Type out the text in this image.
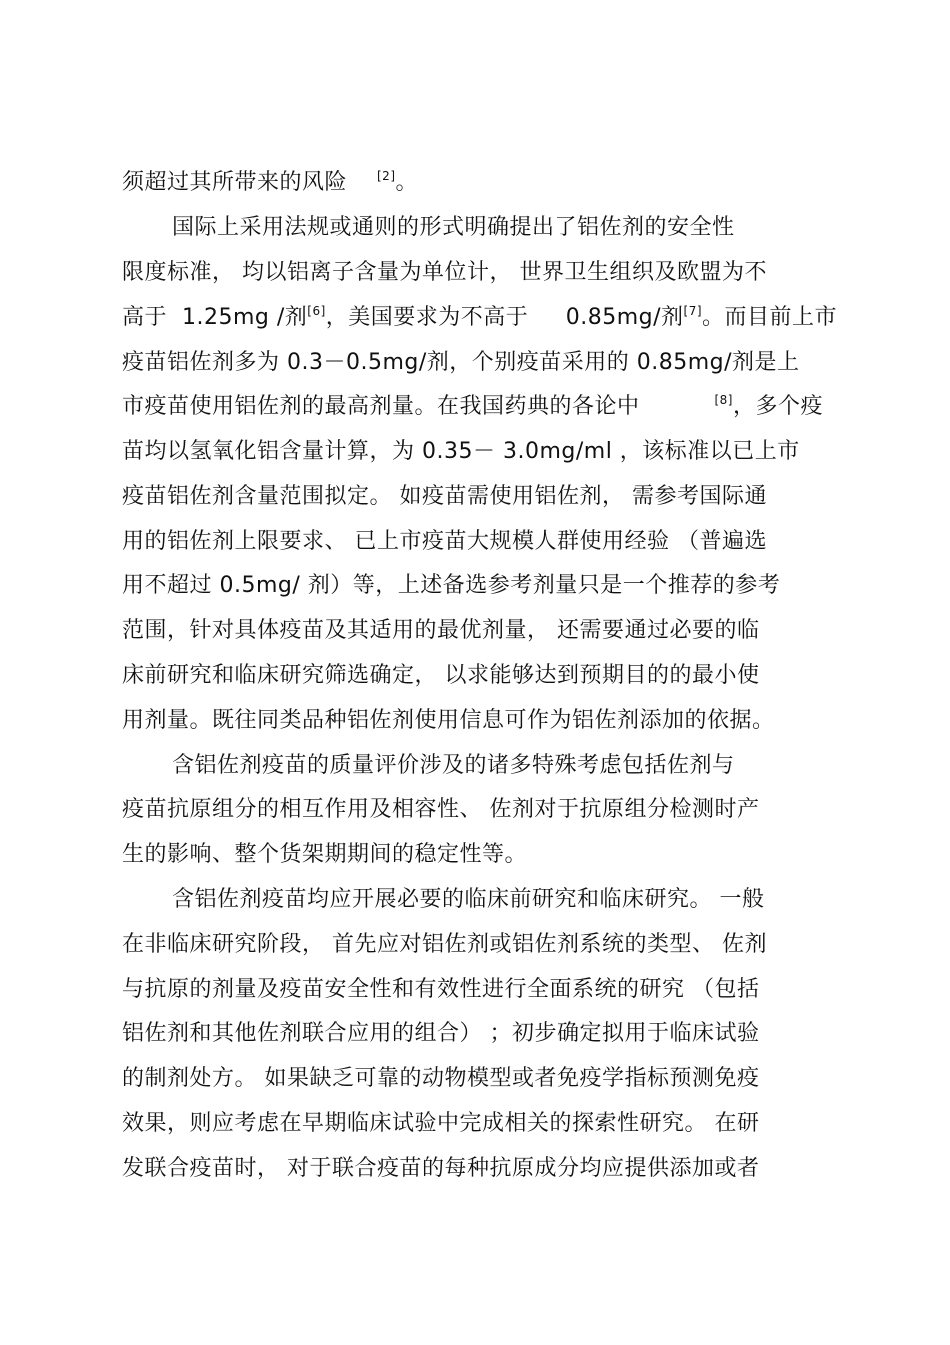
须超过其所带来的风险 [2]。
国际上采用法规或通则的形式明确提出了铝佐剂的安全性
限度标准， 均以铝离子含量为单位计， 世界卫生组织及欧盟为不
高于  1.25mg /剂[6]，美国要求为不高于     0.85mg/剂[7]。而目前上市
疫苗铝佐剂多为 0.3－0.5mg/剂，个别疫苗采用的 0.85mg/剂是上
市疫苗使用铝佐剂的最高剂量。在我国药典的各论中          [8]，多个疫
苗均以氢氧化铝含量计算，为 0.35－ 3.0mg/ml ，该标准以已上市
疫苗铝佐剂含量范围拟定。 如疫苗需使用铝佐剂， 需参考国际通
用的铝佐剂上限要求、 已上市疫苗大规模人群使用经验 （普遍选
用不超过 0.5mg/ 剂）等，上述备选参考剂量只是一个推荐的参考
范围，针对具体疫苗及其适用的最优剂量， 还需要通过必要的临
床前研究和临床研究筛选确定， 以求能够达到预期目的的最小使
用剂量。既往同类品种铝佐剂使用信息可作为铝佐剂添加的依据。
含铝佐剂疫苗的质量评价涉及的诸多特殊考虑包括佐剂与
疫苗抗原组分的相互作用及相容性、 佐剂对于抗原组分检测时产
生的影响、整个货架期期间的稳定性等。
含铝佐剂疫苗均应开展必要的临床前研究和临床研究。 一般
在非临床研究阶段， 首先应对铝佐剂或铝佐剂系统的类型、 佐剂
与抗原的剂量及疫苗安全性和有效性进行全面系统的研究 （包括
铝佐剂和其他佐剂联合应用的组合） ；初步确定拟用于临床试验
的制剂处方。 如果缺乏可靠的动物模型或者免疫学指标预测免疫
效果，则应考虑在早期临床试验中完成相关的探索性研究。 在研
发联合疫苗时， 对于联合疫苗的每种抗原成分均应提供添加或者
